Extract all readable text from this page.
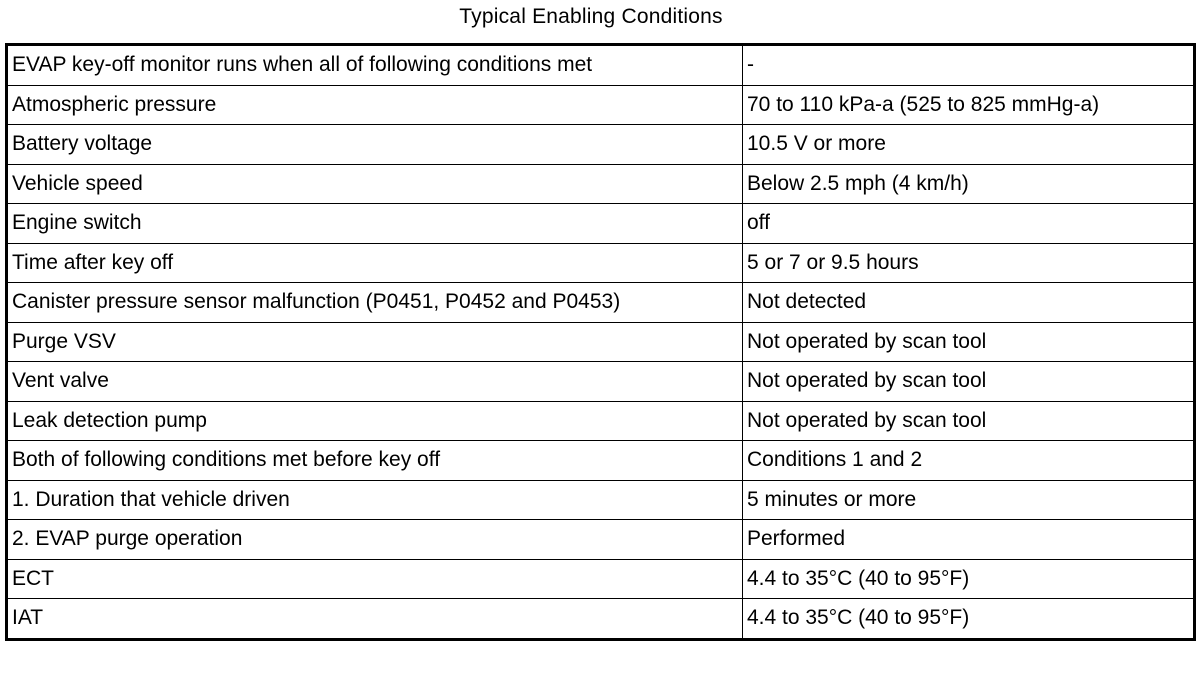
Typical Enabling Conditions
EVAP key-off monitor runs when all of following conditions met	-
Atmospheric pressure	70 to 110 kPa-a (525 to 825 mmHg-a)
Battery voltage	10.5 V or more
Vehicle speed	Below 2.5 mph (4 km/h)
Engine switch	off
Time after key off	5 or 7 or 9.5 hours
Canister pressure sensor malfunction (P0451, P0452 and P0453)	Not detected
Purge VSV	Not operated by scan tool
Vent valve	Not operated by scan tool
Leak detection pump	Not operated by scan tool
Both of following conditions met before key off	Conditions 1 and 2
1. Duration that vehicle driven	5 minutes or more
2. EVAP purge operation	Performed
ECT	4.4 to 35°C (40 to 95°F)
IAT	4.4 to 35°C (40 to 95°F)
